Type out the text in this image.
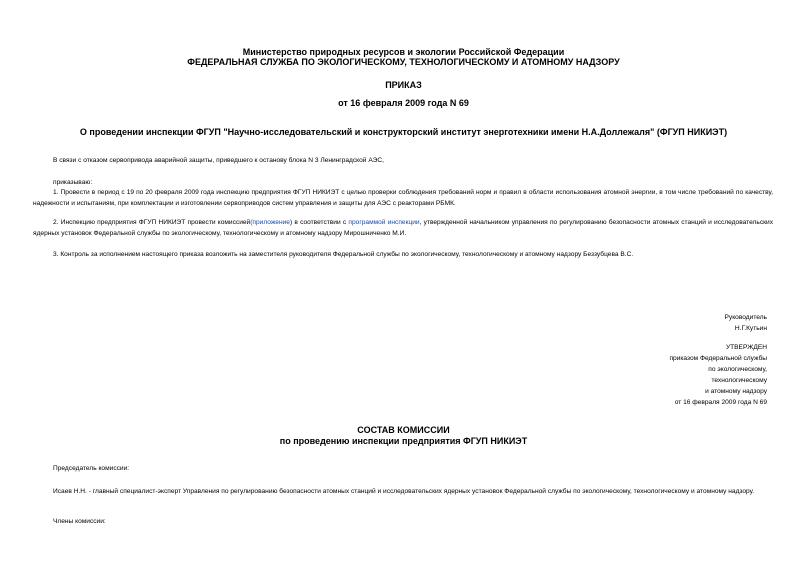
Министерство природных ресурсов и экологии Российской Федерации
ФЕДЕРАЛЬНАЯ СЛУЖБА ПО ЭКОЛОГИЧЕСКОМУ, ТЕХНОЛОГИЧЕСКОМУ И АТОМНОМУ НАДЗОРУ
ПРИКАЗ
от 16 февраля 2009 года N 69
О проведении инспекции ФГУП "Научно-исследовательский и конструкторский институт энерготехники имени Н.А.Доллежаля" (ФГУП НИКИЭТ)
В связи с отказом сервопривода аварийной защиты, приведшего к останову блока N 3 Ленинградской АЭС,
приказываю:
1. Провести в период с 19 по 20 февраля 2009 года инспекцию предприятия ФГУП НИКИЭТ с целью проверки соблюдения требований норм и правил в области использования атомной энергии, в том числе требований по качеству, надежности и испытаниям, при комплектации и изготовлении сервоприводов систем управления и защиты для АЭС с реакторами РБМК.
2. Инспекцию предприятия ФГУП НИКИЭТ провести комиссией(приложение) в соответствии с программой инспекции, утвержденной начальником управления по регулированию безопасности атомных станций и исследовательских ядерных установок Федеральной службы по экологическому, технологическому и атомному надзору Мирошниченко М.И.
3. Контроль за исполнением настоящего приказа возложить на заместителя руководителя Федеральной службы по экологическому, технологическому и атомному надзору Беззубцева В.С.
Руководитель
Н.Г.Кутьин
УТВЕРЖДЕН
приказом Федеральной службы
по экологическому,
технологическому
и атомному надзору
от 16 февраля 2009 года N 69
СОСТАВ КОМИССИИ
по проведению инспекции предприятия ФГУП НИКИЭТ
Председатель комиссии:
Исаев Н.Н. - главный специалист-эксперт Управления по регулированию безопасности атомных станций и исследовательских ядерных установок Федеральной службы по экологическому, технологическому и атомному надзору.
Члены комиссии:
